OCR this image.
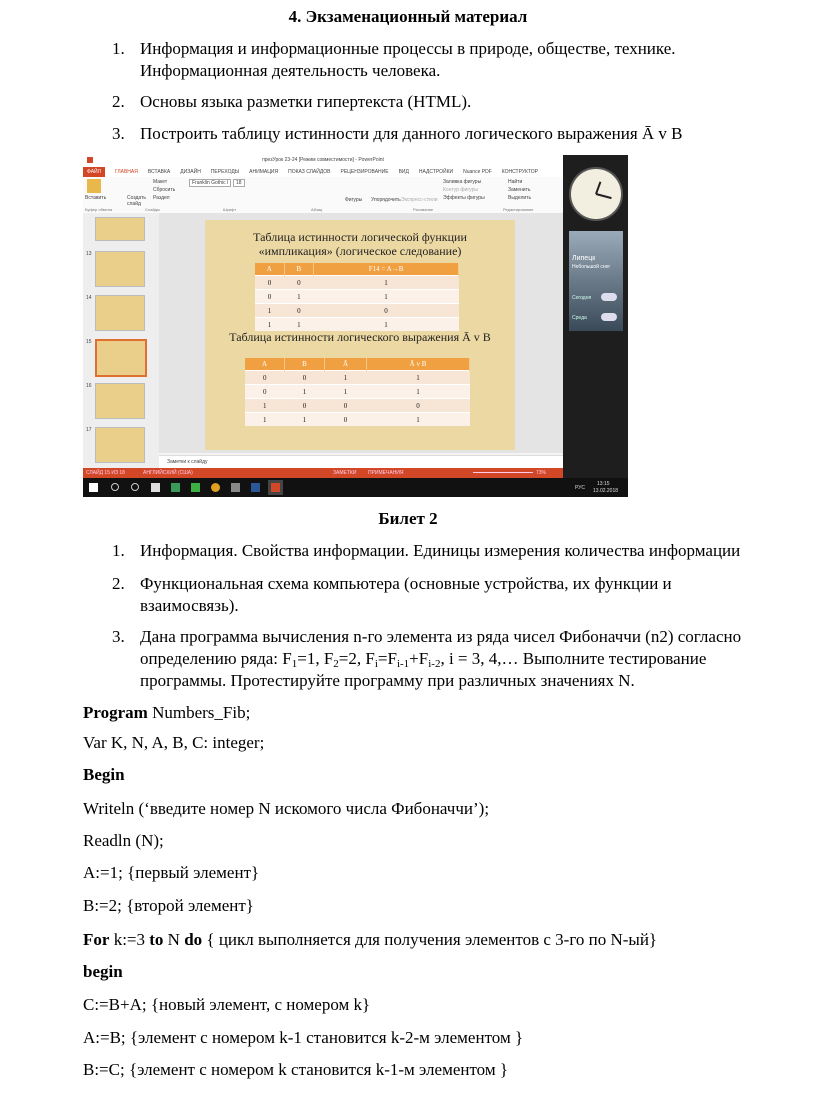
4. Экзаменационный материал
1. Информация и информационные процессы в природе, обществе, технике.
Информационная деятельность человека.
2. Основы языка разметки гипертекста (HTML).
3. Построить таблицу истинности для данного логического выражения Ā v B
презУрок 23-24 [Режим совместимости] - PowerPoint
ФАЙЛ	ГЛАВНАЯ ВСТАВКА ДИЗАЙН ПЕРЕХОДЫ АНИМАЦИЯ ПОКАЗ СЛАЙДОВ РЕЦЕНЗИРОВАНИЕ ВИД НАДСТРОЙКИ Nuance PDF КОНСТРУКТОР
Вставить	Создать слайд
Макет
Сбросить
Раздел
Franklin Gothic I	18
Фигуры Упорядочить Экспресс-стили
Заливка фигуры
Контур фигуры
Эффекты фигуры
Найти
Заменить
Выделить
Буфер обмена	Слайды	Шрифт	Абзац	Рисование	Редактирование
13
14
15
16
17
Таблица истинности логической функции «импликация» (логическое следование)
A	B	F14 = A→B
0	0	1
0	1	1
1	0	0
1	1	1
Таблица истинности логического выражения Ā v B
A	B	Ā	Ā v B
0	0	1	1
0	1	1	1
1	0	0	0
1	1	0	1
Заметки к слайду
СЛАЙД 15 ИЗ 18	АНГЛИЙСКИЙ (США)	ЗАМЕТКИ ПРИМЕЧАНИЯ	73%
РУС
13:15
13.02.2018
Липецк
Небольшой снег
Сегодня
Среда
Билет 2
1. Информация. Свойства информации. Единицы измерения количества информации
2. Функциональная схема компьютера (основные устройства, их функции и
взаимосвязь).
3. Дана программа вычисления n-го элемента из ряда чисел Фибоначчи (n2) согласно
определению ряда: $F_1=1$, $F_2=2$, $F_i=F_{i-1}+F_{i-2}$, i = 3, 4,… Выполните тестирование
программы. Протестируйте программу при различных значениях N.
Program Numbers_Fib;
Var K, N, A, B, C: integer;
Begin
Writeln (‘введите номер N искомого числа Фибоначчи’);
Readln (N);
A:=1; {первый элемент}
B:=2; {второй элемент}
For k:=3 to N do { цикл выполняется для получения элементов с 3-го по N-ый}
begin
C:=B+A; {новый элемент, с номером k}
A:=B; {элемент с номером k-1 становится k-2-м элементом }
B:=C; {элемент с номером k становится k-1-м элементом }
